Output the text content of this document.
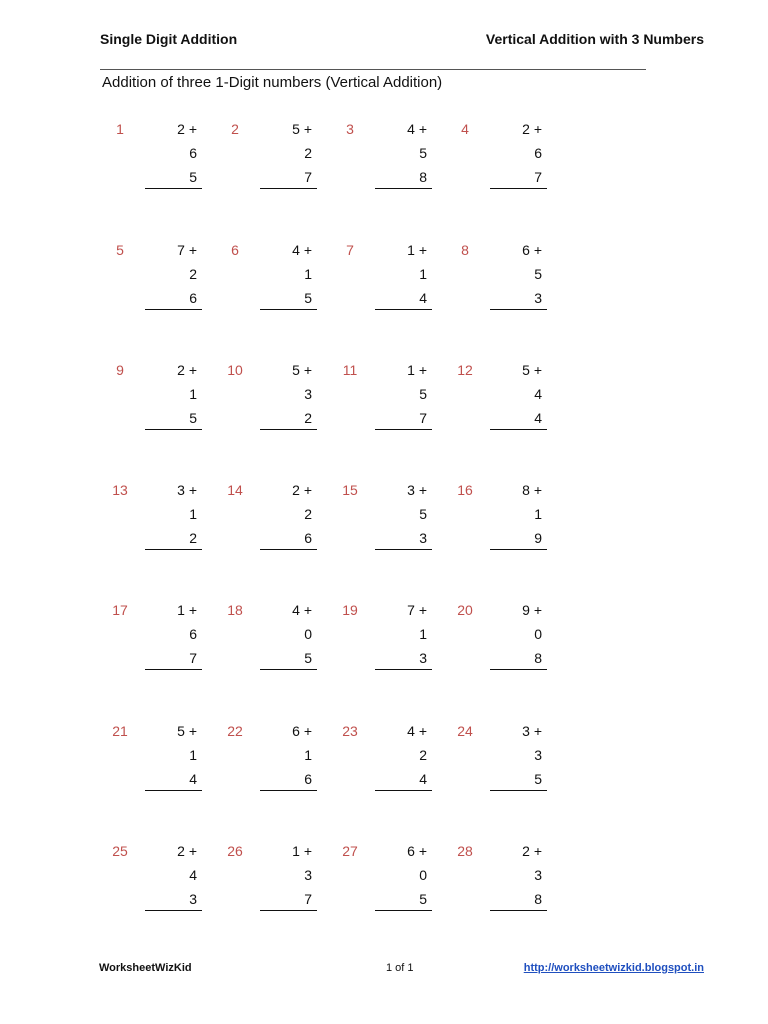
Single Digit Addition	Vertical Addition with 3 Numbers
Addition of three 1-Digit numbers (Vertical Addition)
1	2 +
6
5
2	5 +
2
7
3	4 +
5
8
4	2 +
6
7
5	7 +
2
6
6	4 +
1
5
7	1 +
1
4
8	6 +
5
3
9	2 +
1
5
10	5 +
3
2
11	1 +
5
7
12	5 +
4
4
13	3 +
1
2
14	2 +
2
6
15	3 +
5
3
16	8 +
1
9
17	1 +
6
7
18	4 +
0
5
19	7 +
1
3
20	9 +
0
8
21	5 +
1
4
22	6 +
1
6
23	4 +
2
4
24	3 +
3
5
25	2 +
4
3
26	1 +
3
7
27	6 +
0
5
28	2 +
3
8
WorksheetWizKid	1 of 1	http://worksheetwizkid.blogspot.in
